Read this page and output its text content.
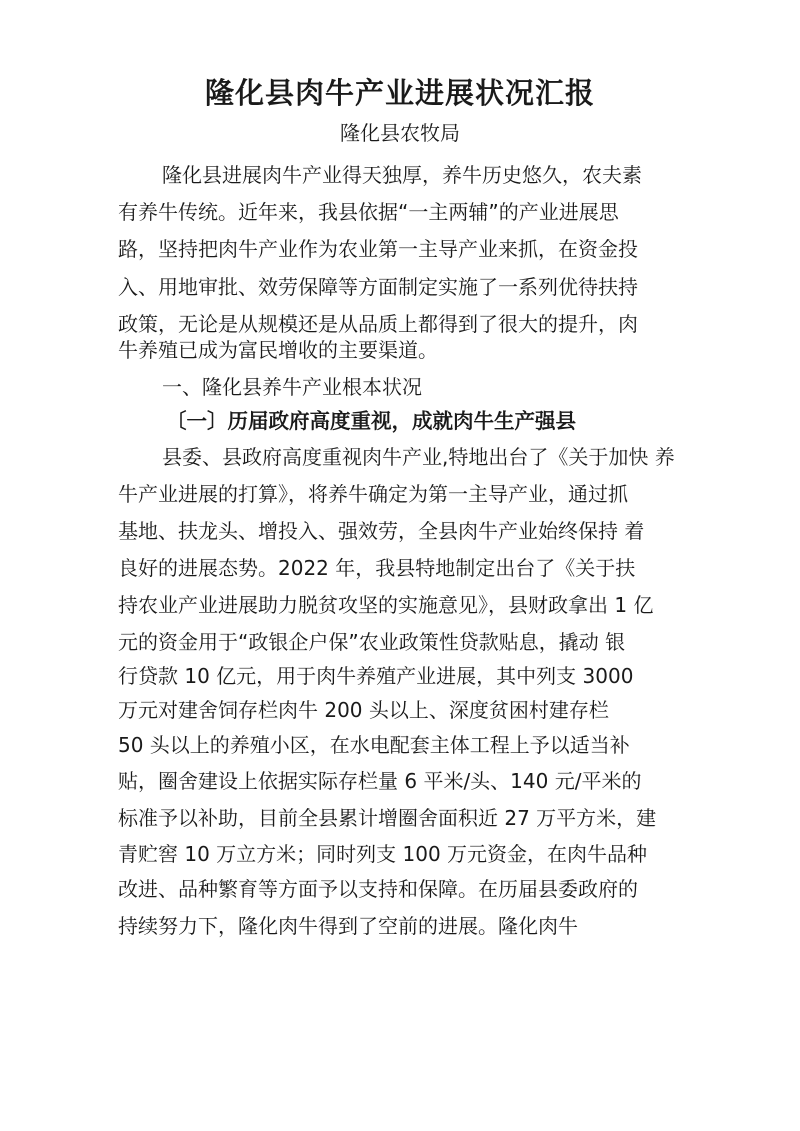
隆化县肉牛产业进展状况汇报
隆化县农牧局
隆化县进展肉牛产业得天独厚，养牛历史悠久，农夫素
有养牛传统。近年来，我县依据“一主两辅”的产业进展思
路，坚持把肉牛产业作为农业第一主导产业来抓，在资金投
入、用地审批、效劳保障等方面制定实施了一系列优待扶持
政策，无论是从规模还是从品质上都得到了很大的提升，肉
牛养殖已成为富民增收的主要渠道。
一、隆化县养牛产业根本状况
〔一〕历届政府高度重视，成就肉牛生产强县
县委、县政府高度重视肉牛产业,特地出台了《关于加快 养
牛产业进展的打算》，将养牛确定为第一主导产业，通过抓
基地、扶龙头、增投入、强效劳，全县肉牛产业始终保持 着
良好的进展态势。2022 年，我县特地制定出台了《关于扶
持农业产业进展助力脱贫攻坚的实施意见》，县财政拿出 1 亿
元的资金用于“政银企户保”农业政策性贷款贴息，撬动 银
行贷款 10 亿元，用于肉牛养殖产业进展，其中列支 3000
万元对建舍饲存栏肉牛 200 头以上、深度贫困村建存栏
50 头以上的养殖小区，在水电配套主体工程上予以适当补
贴，圈舍建设上依据实际存栏量 6 平米/头、140 元/平米的
标准予以补助，目前全县累计增圈舍面积近 27 万平方米，建
青贮窖 10 万立方米；同时列支 100 万元资金，在肉牛品种
改进、品种繁育等方面予以支持和保障。在历届县委政府的
持续努力下，隆化肉牛得到了空前的进展。隆化肉牛
